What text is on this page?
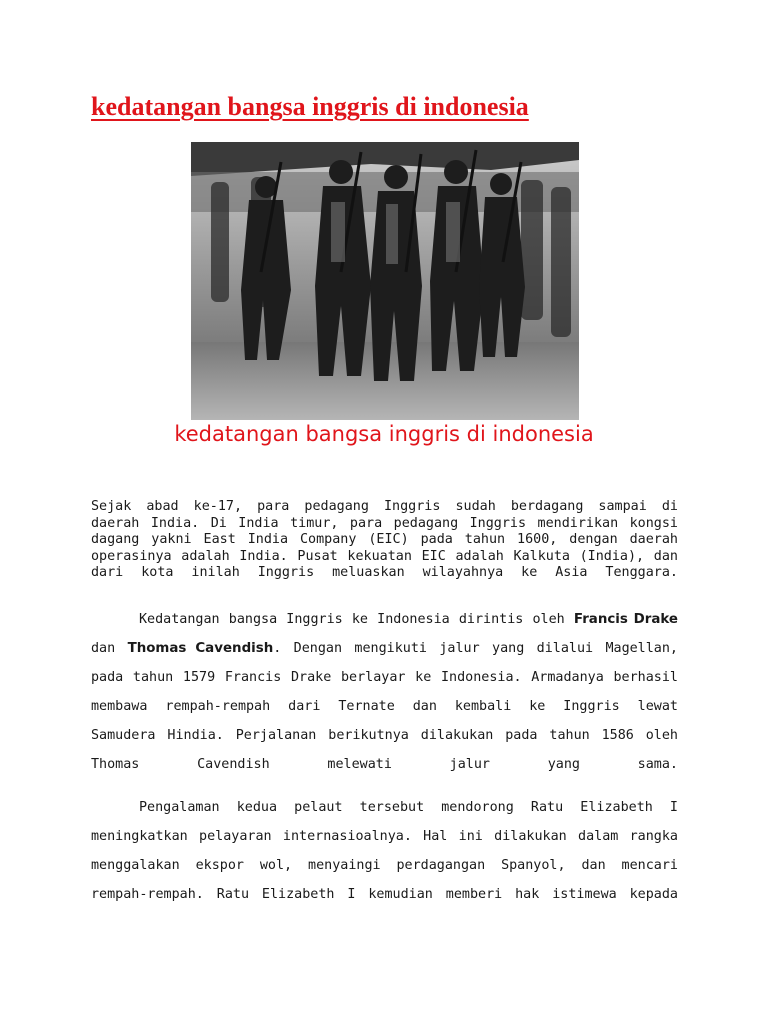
kedatangan bangsa inggris di indonesia

kedatangan bangsa inggris di indonesia

Sejak abad ke-17, para pedagang Inggris sudah berdagang sampai di
daerah India. Di India timur, para pedagang Inggris mendirikan kongsi
dagang yakni East India Company (EIC) pada tahun 1600, dengan daerah
operasinya adalah India. Pusat kekuatan EIC adalah Kalkuta (India), dan
dari kota inilah Inggris meluaskan wilayahnya ke Asia Tenggara.
Kedatangan bangsa Inggris ke Indonesia dirintis oleh Francis Drake
dan Thomas Cavendish. Dengan mengikuti jalur yang dilalui Magellan,
pada tahun 1579 Francis Drake berlayar ke Indonesia. Armadanya berhasil
membawa rempah-rempah dari Ternate dan kembali ke Inggris lewat
Samudera Hindia. Perjalanan berikutnya dilakukan pada tahun 1586 oleh
Thomas Cavendish melewati jalur yang sama.
Pengalaman kedua pelaut tersebut mendorong Ratu Elizabeth I
meningkatkan pelayaran internasioalnya. Hal ini dilakukan dalam rangka
menggalakan ekspor wol, menyaingi perdagangan Spanyol, dan mencari
rempah-rempah. Ratu Elizabeth I kemudian memberi hak istimewa kepada
